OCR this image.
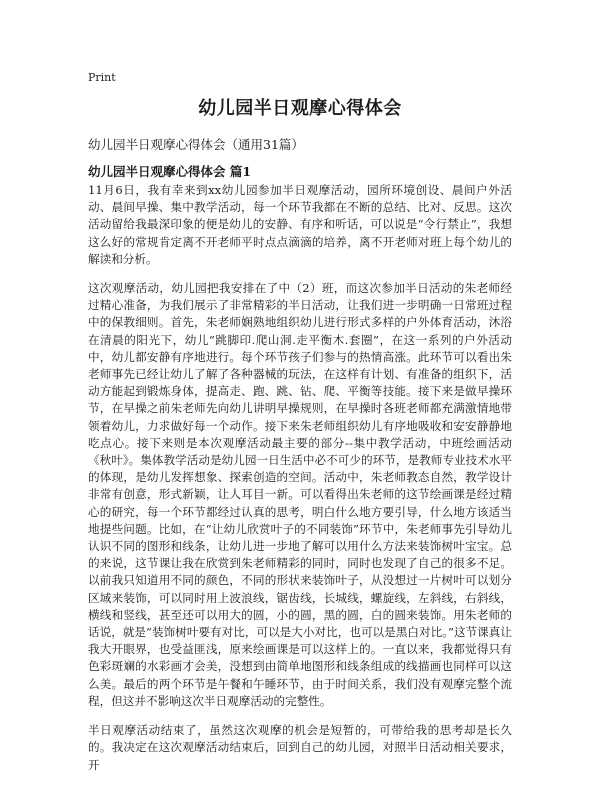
Print
幼儿园半日观摩心得体会

幼儿园半日观摩心得体会（通用31篇）

幼儿园半日观摩心得体会 篇1

11月6日，我有幸来到xx幼儿园参加半日观摩活动，园所环境创设、晨间户外活动、晨间早操、集中教学活动，每一个环节我都在不断的总结、比对、反思。这次活动留给我最深印象的便是幼儿的安静、有序和听话，可以说是“令行禁止”，我想这么好的常规肯定离不开老师平时点点滴滴的培养，离不开老师对班上每个幼儿的解读和分析。

这次观摩活动，幼儿园把我安排在了中（2）班，而这次参加半日活动的朱老师经过精心准备，为我们展示了非常精彩的半日活动，让我们进一步明确一日常班过程中的保教细则。首先，朱老师娴熟地组织幼儿进行形式多样的户外体育活动，沐浴在清晨的阳光下，幼儿“跳脚印.爬山洞.走平衡木.套圈”，在这一系列的户外活动中，幼儿都安静有序地进行。每个环节孩子们参与的热情高涨。此环节可以看出朱老师事先已经让幼儿了解了各种器械的玩法，在这样有计划、有准备的组织下，活动方能起到锻炼身体，提高走、跑、跳、钻、爬、平衡等技能。接下来是做早操环节，在早操之前朱老师先向幼儿讲明早操规则，在早操时各班老师都充满激情地带领着幼儿，力求做好每一个动作。接下来朱老师组织幼儿有序地吸收和安安静静地吃点心。接下来则是本次观摩活动最主要的部分--集中教学活动，中班绘画活动《秋叶》。集体教学活动是幼儿园一日生活中必不可少的环节，是教师专业技术水平的体现，是幼儿发挥想象、探索创造的空间。活动中，朱老师教态自然，教学设计非常有创意，形式新颖，让人耳目一新。可以看得出朱老师的这节绘画课是经过精心的研究，每一个环节都经过认真的思考，明白什么地方要引导，什么地方该适当地提些问题。比如，在“让幼儿欣赏叶子的不同装饰”环节中，朱老师事先引导幼儿认识不同的图形和线条，让幼儿进一步地了解可以用什么方法来装饰树叶宝宝。总的来说，这节课让我在欣赏到朱老师精彩的同时，同时也发现了自己的很多不足。以前我只知道用不同的颜色，不同的形状来装饰叶子，从没想过一片树叶可以划分区域来装饰，可以同时用上波浪线，锯齿线，长城线，螺旋线，左斜线，右斜线，横线和竖线，甚至还可以用大的圆，小的圆，黑的圆，白的圆来装饰。用朱老师的话说，就是“装饰树叶要有对比，可以是大小对比，也可以是黑白对比。”这节课真让我大开眼界，也受益匪浅，原来绘画课是可以这样上的。一直以来，我都觉得只有色彩斑斓的水彩画才会美，没想到由简单地图形和线条组成的线描画也同样可以这么美。最后的两个环节是午餐和午睡环节，由于时间关系，我们没有观摩完整个流程，但这并不影响这次半日观摩活动的完整性。

半日观摩活动结束了，虽然这次观摩的机会是短暂的，可带给我的思考却是长久的。我决定在这次观摩活动结束后，回到自己的幼儿园，对照半日活动相关要求，开
